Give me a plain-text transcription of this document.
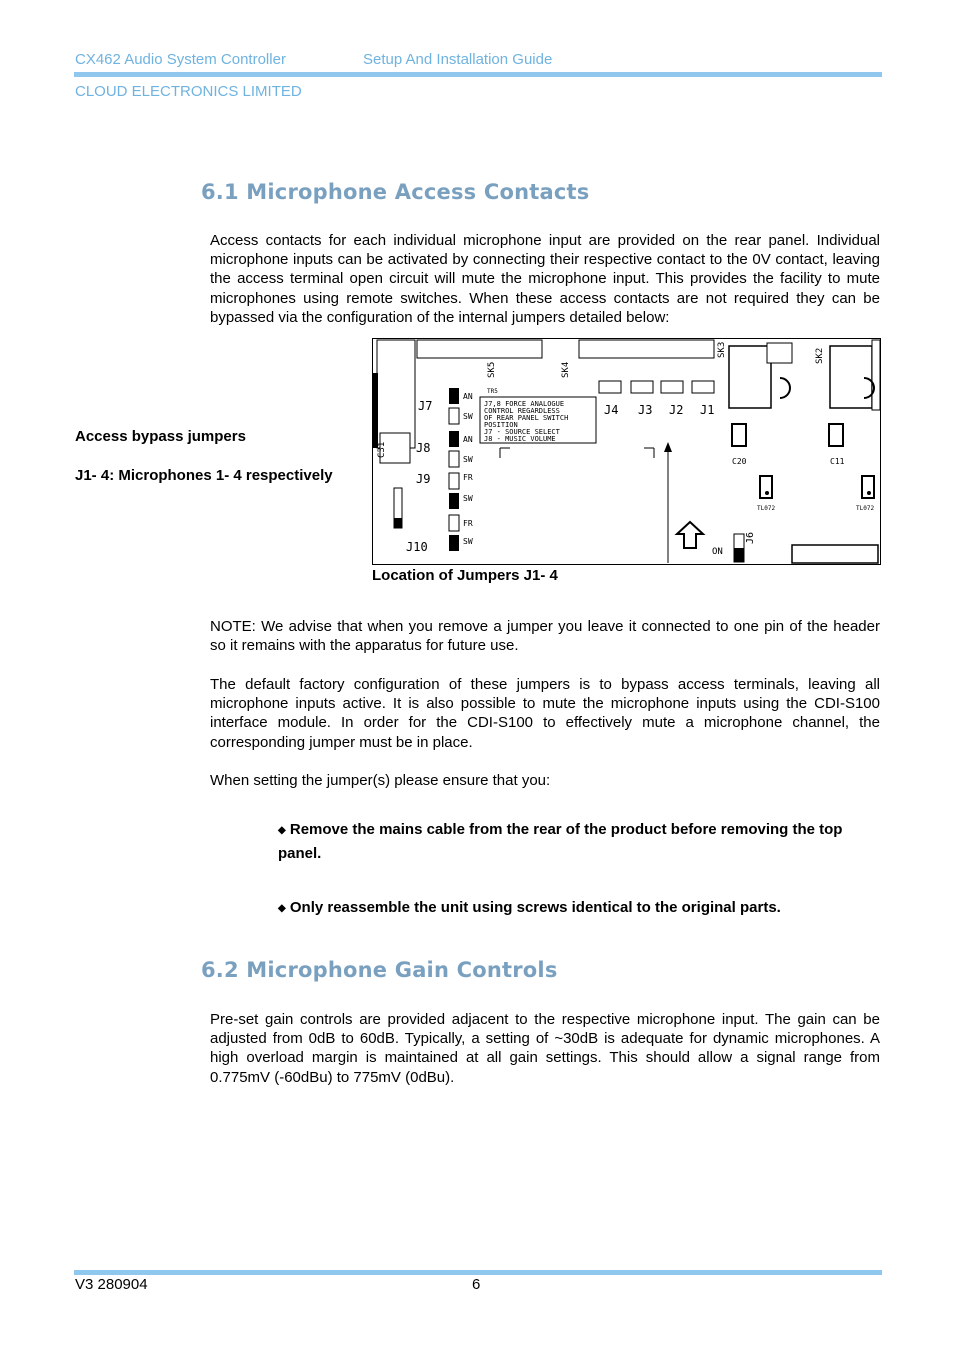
CX462 Audio System Controller	Setup And Installation Guide
CLOUD ELECTRONICS LIMITED
6.1 Microphone Access Contacts

Access contacts for each individual microphone input are provided on the rear panel. Individual microphone inputs can be activated by connecting their respective contact to the 0V contact, leaving the access terminal open circuit will mute the microphone input. This provides the facility to mute microphones using remote switches. When these access contacts are not required they can be bypassed via the configuration of the internal jumpers detailed below:

Access bypass jumpers
J1- 4: Microphones 1- 4 respectively
C31
SK5	SK4
SK3	SK2
J7,8 FORCE ANALOGUE
CONTROL REGARDLESS
OF REAR PANEL SWITCH
POSITION
J7 - SOURCE SELECT
J8 - MUSIC VOLUME
TR5
J7
J8
J9
J10
AN
SW
AN
SW
FR
SW
FR
SW
J4 J3 J2 J1
ON
J6
C20	C11
TL072	TL072
Location of Jumpers J1- 4

NOTE: We advise that when you remove a jumper you leave it connected to one pin of the header so it remains with the apparatus for future use.

The default factory configuration of these jumpers is to bypass access terminals, leaving all microphone inputs active. It is also possible to mute the microphone inputs using the CDI-S100 interface module. In order for the CDI-S100 to effectively mute a microphone channel, the corresponding jumper must be in place.

When setting the jumper(s) please ensure that you:

◆ Remove the mains cable from the rear of the product before removing the top panel.
◆ Only reassemble the unit using screws identical to the original parts.
6.2 Microphone Gain Controls

Pre-set gain controls are provided adjacent to the respective microphone input. The gain can be adjusted from 0dB to 60dB. Typically, a setting of ~30dB is adequate for dynamic microphones. A high overload margin is maintained at all gain settings. This should allow a signal range from 0.775mV (-60dBu) to 775mV (0dBu).

V3 280904	6
